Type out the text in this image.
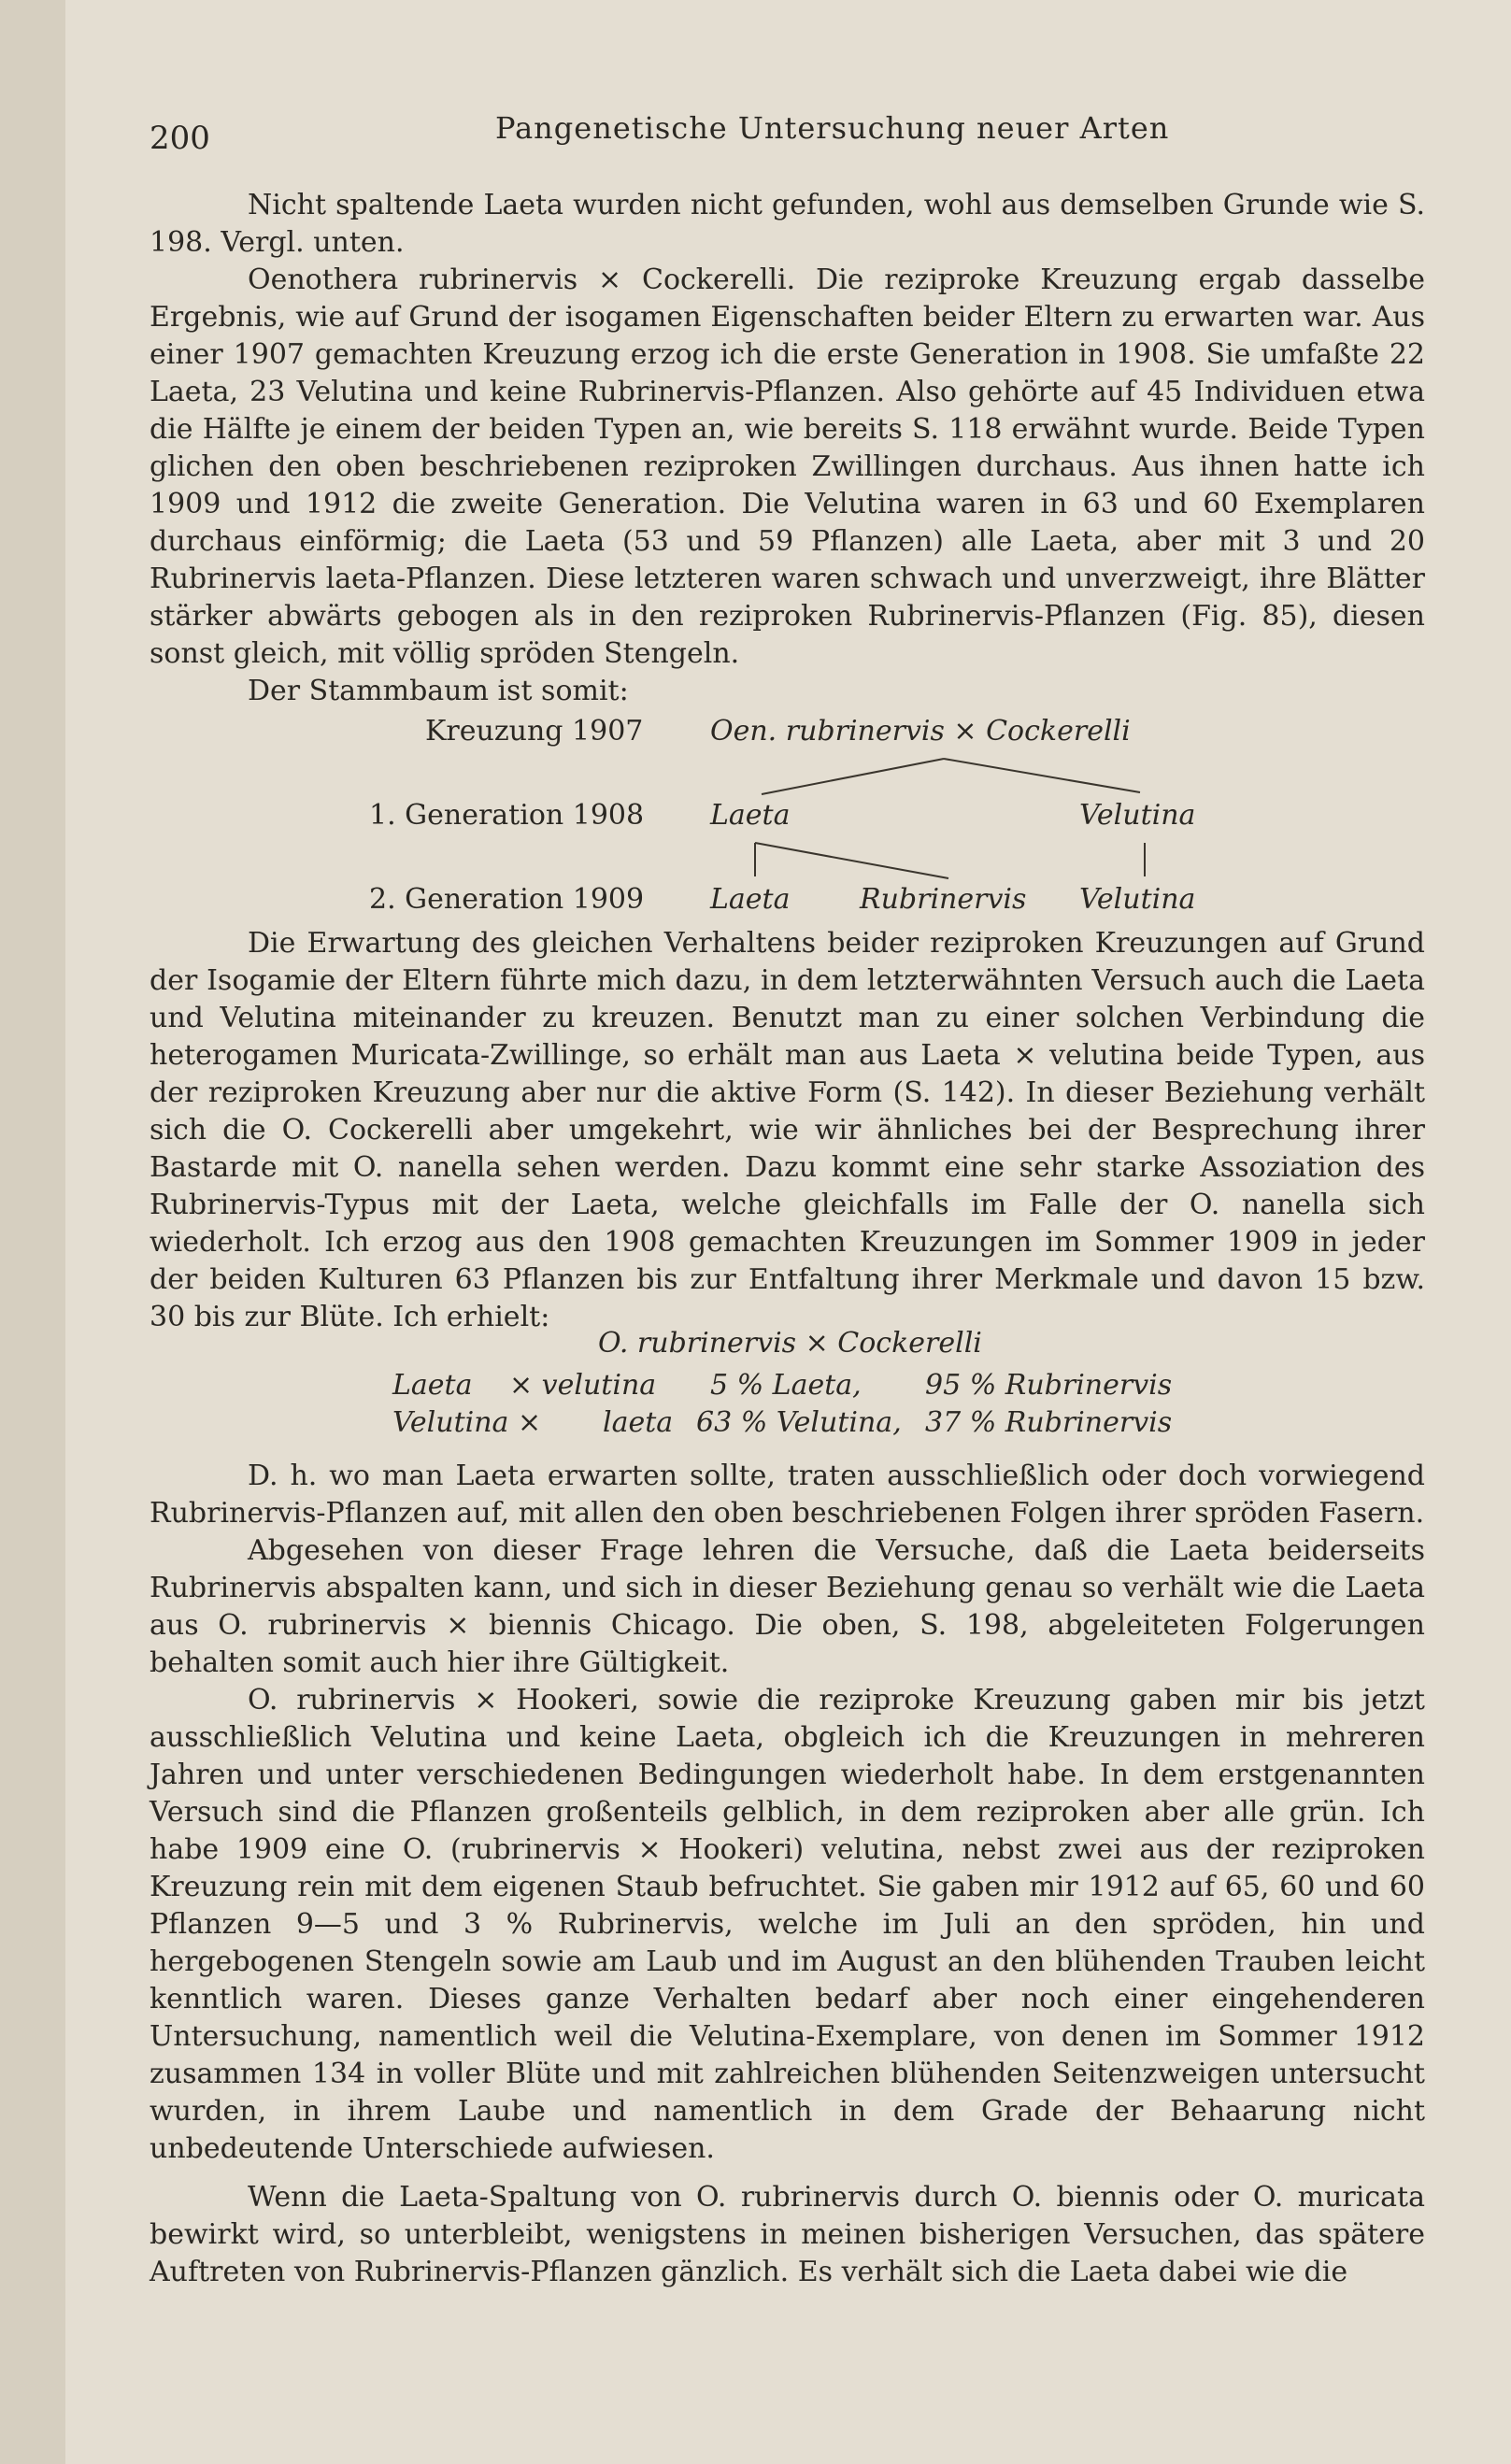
200	Pangenetische Untersuchung neuer Arten

Nicht spaltende Laeta wurden nicht gefunden, wohl aus demselben Grunde wie S. 198. Vergl. unten.

Oenothera rubrinervis × Cockerelli. Die reziproke Kreuzung ergab dasselbe Ergebnis, wie auf Grund der isogamen Eigenschaften beider Eltern zu erwarten war. Aus einer 1907 gemachten Kreuzung erzog ich die erste Generation in 1908. Sie umfaßte 22 Laeta, 23 Velutina und keine Rubrinervis-Pflanzen. Also gehörte auf 45 Individuen etwa die Hälfte je einem der beiden Typen an, wie bereits S. 118 erwähnt wurde. Beide Typen glichen den oben beschriebenen reziproken Zwillingen durchaus. Aus ihnen hatte ich 1909 und 1912 die zweite Generation. Die Velutina waren in 63 und 60 Exemplaren durchaus einförmig; die Laeta (53 und 59 Pflanzen) alle Laeta, aber mit 3 und 20 Rubrinervis laeta-Pflanzen. Diese letzteren waren schwach und unverzweigt, ihre Blätter stärker abwärts gebogen als in den reziproken Rubrinervis-Pflanzen (Fig. 85), diesen sonst gleich, mit völlig spröden Stengeln.

Der Stammbaum ist somit:

Kreuzung 1907 Oen. rubrinervis × Cockerelli
1. Generation 1908 Laeta	Velutina
2. Generation 1909 Laeta Rubrinervis Velutina

Die Erwartung des gleichen Verhaltens beider reziproken Kreuzungen auf Grund der Isogamie der Eltern führte mich dazu, in dem letzterwähnten Versuch auch die Laeta und Velutina miteinander zu kreuzen. Benutzt man zu einer solchen Verbindung die heterogamen Muricata-Zwillinge, so erhält man aus Laeta × velutina beide Typen, aus der reziproken Kreuzung aber nur die aktive Form (S. 142). In dieser Beziehung verhält sich die O. Cockerelli aber umgekehrt, wie wir ähnliches bei der Besprechung ihrer Bastarde mit O. nanella sehen werden. Dazu kommt eine sehr starke Assoziation des Rubrinervis-Typus mit der Laeta, welche gleichfalls im Falle der O. nanella sich wiederholt. Ich erzog aus den 1908 gemachten Kreuzungen im Sommer 1909 in jeder der beiden Kulturen 63 Pflanzen bis zur Entfaltung ihrer Merkmale und davon 15 bzw. 30 bis zur Blüte. Ich erhielt:

O. rubrinervis × Cockerelli
Laeta × velutina 5 % Laeta, 95 % Rubrinervis
Velutina × laeta 63 % Velutina, 37 % Rubrinervis

D. h. wo man Laeta erwarten sollte, traten ausschließlich oder doch vorwiegend Rubrinervis-Pflanzen auf, mit allen den oben beschriebenen Folgen ihrer spröden Fasern.

Abgesehen von dieser Frage lehren die Versuche, daß die Laeta beiderseits Rubrinervis abspalten kann, und sich in dieser Beziehung genau so verhält wie die Laeta aus O. rubrinervis × biennis Chicago. Die oben, S. 198, abgeleiteten Folgerungen behalten somit auch hier ihre Gültigkeit.

O. rubrinervis × Hookeri, sowie die reziproke Kreuzung gaben mir bis jetzt ausschließlich Velutina und keine Laeta, obgleich ich die Kreuzungen in mehreren Jahren und unter verschiedenen Bedingungen wiederholt habe. In dem erstgenannten Versuch sind die Pflanzen großenteils gelblich, in dem reziproken aber alle grün. Ich habe 1909 eine O. (rubrinervis × Hookeri) velutina, nebst zwei aus der reziproken Kreuzung rein mit dem eigenen Staub befruchtet. Sie gaben mir 1912 auf 65, 60 und 60 Pflanzen 9—5 und 3 % Rubrinervis, welche im Juli an den spröden, hin und hergebogenen Stengeln sowie am Laub und im August an den blühenden Trauben leicht kenntlich waren. Dieses ganze Verhalten bedarf aber noch einer eingehenderen Untersuchung, namentlich weil die Velutina-Exemplare, von denen im Sommer 1912 zusammen 134 in voller Blüte und mit zahlreichen blühenden Seitenzweigen untersucht wurden, in ihrem Laube und namentlich in dem Grade der Behaarung nicht unbedeutende Unterschiede aufwiesen.

Wenn die Laeta-Spaltung von O. rubrinervis durch O. biennis oder O. muricata bewirkt wird, so unterbleibt, wenigstens in meinen bisherigen Versuchen, das spätere Auftreten von Rubrinervis-Pflanzen gänzlich. Es verhält sich die Laeta dabei wie die
